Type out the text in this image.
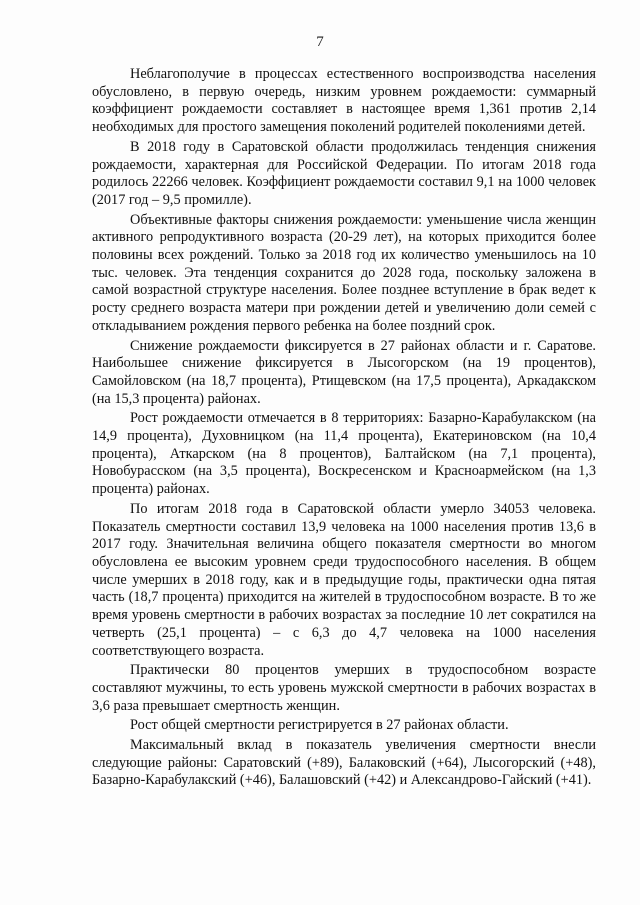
7

Неблагополучие в процессах естественного воспроизводства населения обусловлено, в первую очередь, низким уровнем рождаемости: суммарный коэффициент рождаемости составляет в настоящее время 1,361 против 2,14 необходимых для простого замещения поколений родителей поколениями детей.

В 2018 году в Саратовской области продолжилась тенденция снижения рождаемости, характерная для Российской Федерации. По итогам 2018 года родилось 22266 человек. Коэффициент рождаемости составил 9,1 на 1000 человек (2017 год – 9,5 промилле).

Объективные факторы снижения рождаемости: уменьшение числа женщин активного репродуктивного возраста (20-29 лет), на которых приходится более половины всех рождений. Только за 2018 год их количество уменьшилось на 10 тыс. человек. Эта тенденция сохранится до 2028 года, поскольку заложена в самой возрастной структуре населения. Более позднее вступление в брак ведет к росту среднего возраста матери при рождении детей и увеличению доли семей с откладыванием рождения первого ребенка на более поздний срок.

Снижение рождаемости фиксируется в 27 районах области и г. Саратове. Наибольшее снижение фиксируется в Лысогорском (на 19 процентов), Самойловском (на 18,7 процента), Ртищевском (на 17,5 процента), Аркадакском (на 15,3 процента) районах.

Рост рождаемости отмечается в 8 территориях: Базарно-Карабулакском (на 14,9 процента), Духовницком (на 11,4 процента), Екатериновском (на 10,4 процента), Аткарском (на 8 процентов), Балтайском (на 7,1 процента), Новобурасском (на 3,5 процента), Воскресенском и Красноармейском (на 1,3 процента) районах.

По итогам 2018 года в Саратовской области умерло 34053 человека. Показатель смертности составил 13,9 человека на 1000 населения против 13,6 в 2017 году. Значительная величина общего показателя смертности во многом обусловлена ее высоким уровнем среди трудоспособного населения. В общем числе умерших в 2018 году, как и в предыдущие годы, практически одна пятая часть (18,7 процента) приходится на жителей в трудоспособном возрасте. В то же время уровень смертности в рабочих возрастах за последние 10 лет сократился на четверть (25,1 процента) – с 6,3 до 4,7 человека на 1000 населения соответствующего возраста.

Практически 80 процентов умерших в трудоспособном возрасте составляют мужчины, то есть уровень мужской смертности в рабочих возрастах в 3,6 раза превышает смертность женщин.

Рост общей смертности регистрируется в 27 районах области.

Максимальный вклад в показатель увеличения смертности внесли следующие районы: Саратовский (+89), Балаковский (+64), Лысогорский (+48), Базарно-Карабулакский (+46), Балашовский (+42) и Александрово-Гайский (+41).
